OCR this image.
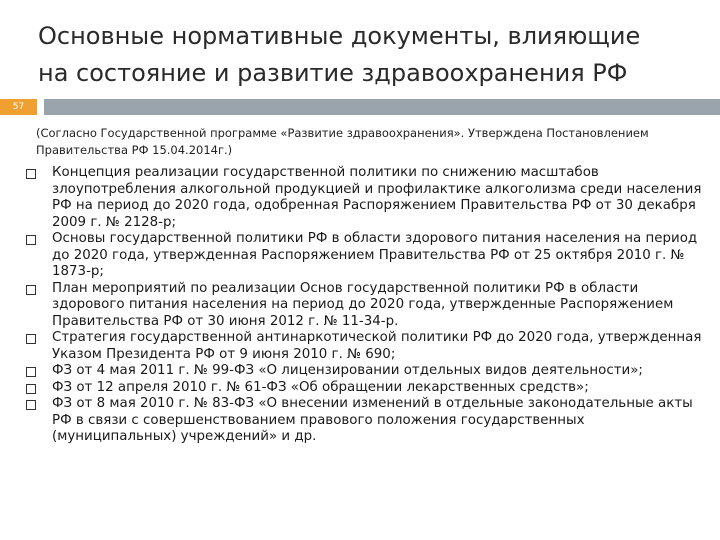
Основные нормативные документы, влияющие
на состояние и развитие здравоохранения РФ
57

(Согласно Государственной программе «Развитие здравоохранения». Утверждена Постановлением Правительства РФ 15.04.2014г.)

Концепция реализации государственной политики по снижению масштабов злоупотребления алкогольной продукцией и профилактике алкоголизма среди населения РФ на период до 2020 года, одобренная Распоряжением Правительства РФ от 30 декабря 2009 г. № 2128-р;
Основы государственной политики РФ в области здорового питания населения на период до 2020 года, утвержденная Распоряжением Правительства РФ от 25 октября 2010 г. № 1873-р;
План мероприятий по реализации Основ государственной политики РФ в области здорового питания населения на период до 2020 года, утвержденные Распоряжением Правительства РФ от 30 июня 2012 г. № 11-34-р.
Стратегия государственной антинаркотической политики РФ до 2020 года, утвержденная Указом Президента РФ от 9 июня 2010 г. № 690;
ФЗ от 4 мая 2011 г. № 99-ФЗ «О лицензировании отдельных видов деятельности»;
ФЗ от 12 апреля 2010 г. № 61-ФЗ «Об обращении лекарственных средств»;
ФЗ от 8 мая 2010 г. № 83-ФЗ «О внесении изменений в отдельные законодательные акты РФ в связи с совершенствованием правового положения государственных (муниципальных) учреждений» и др.
